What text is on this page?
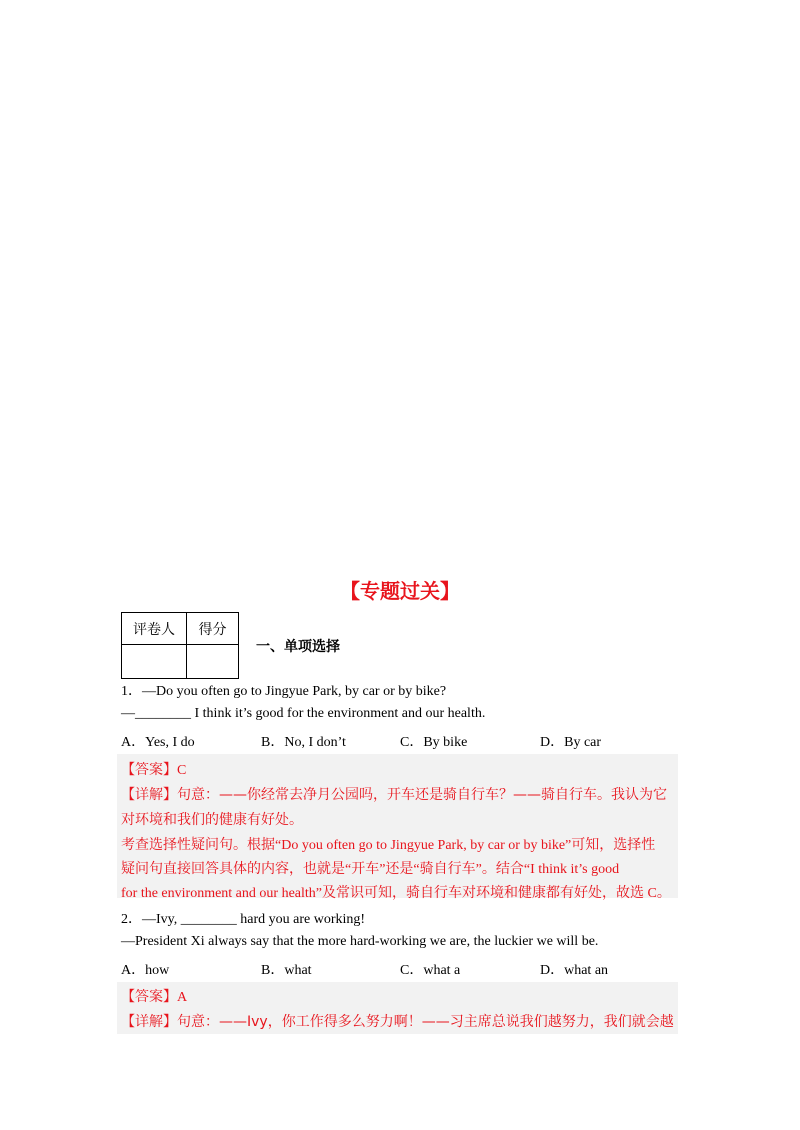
【专题过关】
评卷人	得分

一、单项选择
1．—Do you often go to Jingyue Park, by car or by bike?
—________ I think it’s good for the environment and our health.
A．Yes, I do	B．No, I don’t	C．By bike	D．By car
【答案】C
【详解】句意：——你经常去净月公园吗，开车还是骑自行车？——骑自行车。我认为它
对环境和我们的健康有好处。
考查选择性疑问句。根据“Do you often go to Jingyue Park, by car or by bike”可知，选择性
疑问句直接回答具体的内容，也就是“开车”还是“骑自行车”。结合“I think it’s good
for the environment and our health”及常识可知，骑自行车对环境和健康都有好处，故选 C。
2．—Ivy, ________ hard you are working!
—President Xi always say that the more hard-working we are, the luckier we will be.
A．how	B．what	C．what a	D．what an
【答案】A
【详解】句意：——Ivy，你工作得多么努力啊！——习主席总说我们越努力，我们就会越
